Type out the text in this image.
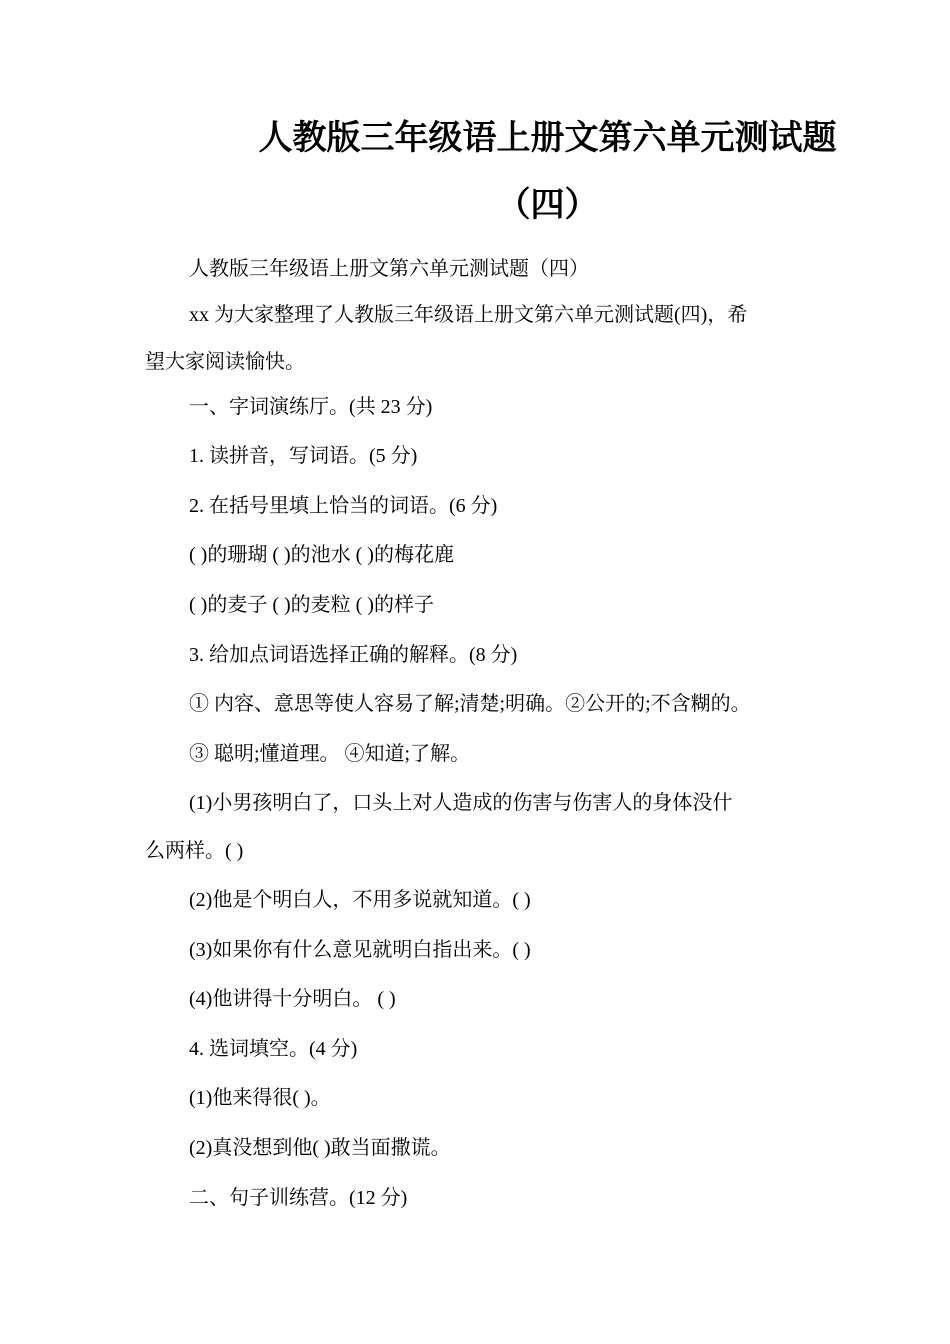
人教版三年级语上册文第六单元测试题
（四）

人教版三年级语上册文第六单元测试题（四）

xx 为大家整理了人教版三年级语上册文第六单元测试题(四)，希

望大家阅读愉快。

一、字词演练厅。(共 23 分)

1. 读拼音，写词语。(5 分)

2. 在括号里填上恰当的词语。(6 分)

( )的珊瑚 ( )的池水 ( )的梅花鹿

( )的麦子 ( )的麦粒 ( )的样子

3. 给加点词语选择正确的解释。(8 分)

① 内容、意思等使人容易了解;清楚;明确。②公开的;不含糊的。

③ 聪明;懂道理。 ④知道;了解。

(1)小男孩明白了，口头上对人造成的伤害与伤害人的身体没什

么两样。( )

(2)他是个明白人，不用多说就知道。( )

(3)如果你有什么意见就明白指出来。( )

(4)他讲得十分明白。 ( )

4. 选词填空。(4 分)

(1)他来得很( )。

(2)真没想到他( )敢当面撒谎。

二、句子训练营。(12 分)
